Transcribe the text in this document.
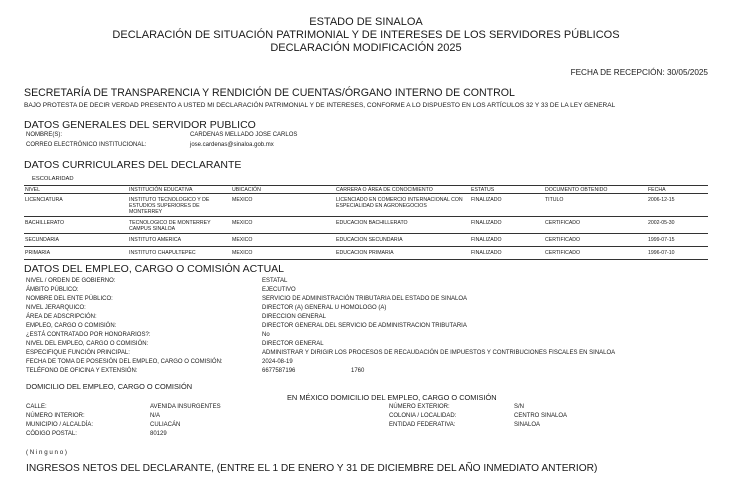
ESTADO DE SINALOA
DECLARACIÓN DE SITUACIÓN PATRIMONIAL Y DE INTERESES DE LOS SERVIDORES PÚBLICOS
DECLARACIÓN MODIFICACIÓN 2025
FECHA DE RECEPCIÓN: 30/05/2025
SECRETARÍA DE TRANSPARENCIA Y RENDICIÓN DE CUENTAS/ÓRGANO INTERNO DE CONTROL
BAJO PROTESTA DE DECIR VERDAD PRESENTO A USTED MI DECLARACIÓN PATRIMONIAL Y DE INTERESES, CONFORME A LO DISPUESTO EN LOS ARTÍCULOS 32 Y 33 DE LA LEY GENERAL
DATOS GENERALES DEL SERVIDOR PUBLICO
NOMBRE(S):	CARDENAS MELLADO JOSE CARLOS
CORREO ELECTRÓNICO INSTITUCIONAL:	jose.cardenas@sinaloa.gob.mx
DATOS CURRICULARES DEL DECLARANTE
ESCOLARIDAD
NIVEL	INSTITUCIÓN EDUCATIVA	UBICACIÓN	CARRERA O ÁREA DE CONOCIMIENTO	ESTATUS	DOCUMENTO OBTENIDO	FECHA
LICENCIATURA	INSTITUTO TECNOLOGICO Y DE ESTUDIOS SUPERIORES DE MONTERREY	MEXICO	LICENCIADO EN COMERCIO INTERNACIONAL CON ESPECIALIDAD EN AGRONEGOCIOS	FINALIZADO	TITULO	2006-12-15
BACHILLERATO	TECNOLOGICO DE MONTERREY CAMPUS SINALOA	MEXICO	EDUCACION BACHILLERATO	FINALIZADO	CERTIFICADO	2002-05-30
SECUNDARIA	INSTITUTO AMERICA	MEXICO	EDUCACION SECUNDARIA	FINALIZADO	CERTIFICADO	1999-07-15
PRIMARIA	INSTITUTO CHAPULTEPEC	MEXICO	EDUCACION PRIMARIA	FINALIZADO	CERTIFICADO	1996-07-10
DATOS DEL EMPLEO, CARGO O COMISIÓN ACTUAL
NIVEL / ORDEN DE GOBIERNO:	ESTATAL
ÁMBITO PÚBLICO:	EJECUTIVO
NOMBRE DEL ENTE PÚBLICO:	SERVICIO DE ADMINISTRACIÓN TRIBUTARIA DEL ESTADO DE SINALOA
NIVEL JERARQUICO:	DIRECTOR (A) GENERAL U HOMOLOGO (A)
ÁREA DE ADSCRIPCIÓN:	DIRECCION GENERAL
EMPLEO, CARGO O COMISIÓN:	DIRECTOR GENERAL DEL SERVICIO DE ADMINISTRACION TRIBUTARIA
¿ESTÁ CONTRATADO POR HONORARIOS?:	No
NIVEL DEL EMPLEO, CARGO O COMISIÓN:	DIRECTOR GENERAL
ESPECIFIQUE FUNCIÓN PRINCIPAL:	ADMINISTRAR Y DIRIGIR LOS PROCESOS DE RECAUDACIÓN DE IMPUESTOS Y CONTRIBUCIONES FISCALES EN SINALOA
FECHA DE TOMA DE POSESIÓN DEL EMPLEO, CARGO O COMISIÓN:	2024-08-19
TELÉFONO DE OFICINA Y EXTENSIÓN:	6677587196	1760
DOMICILIO DEL EMPLEO, CARGO O COMISIÓN
EN MÉXICO DOMICILIO DEL EMPLEO, CARGO O COMISIÓN
CALLE:	AVENIDA INSURGENTES
NÚMERO INTERIOR:	N/A
MUNICIPIO / ALCALDÍA:	CULIACÁN
CÓDIGO POSTAL:	80129
NÚMERO EXTERIOR:	S/N
COLONIA / LOCALIDAD:	CENTRO SINALOA
ENTIDAD FEDERATIVA:	SINALOA
( N i n g u n o )
INGRESOS NETOS DEL DECLARANTE, (ENTRE EL 1 DE ENERO Y 31 DE DICIEMBRE DEL AÑO INMEDIATO ANTERIOR)
